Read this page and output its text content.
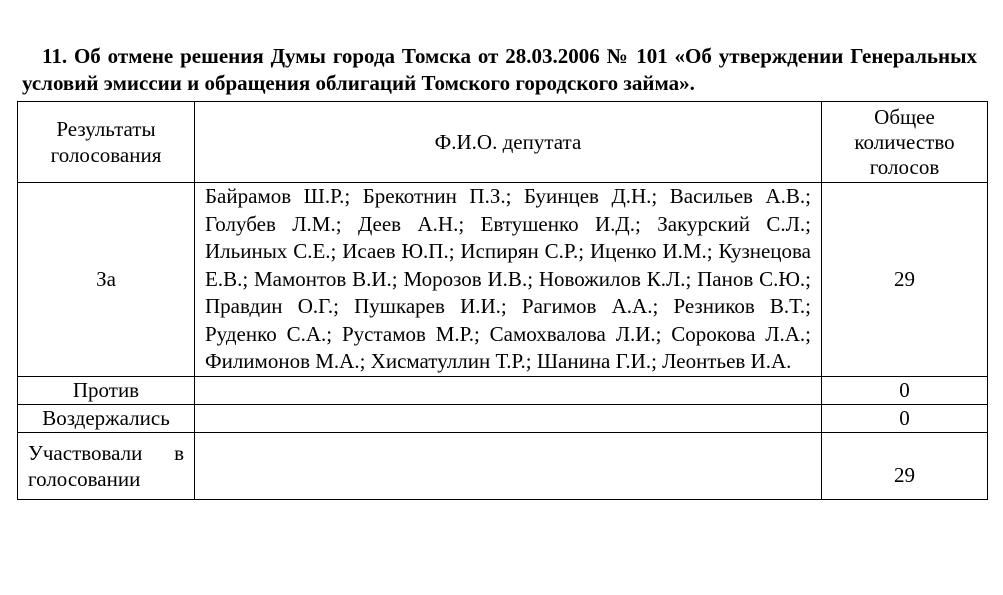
11. Об отмене решения Думы города Томска от 28.03.2006 № 101 «Об утверждении Генеральных условий эмиссии и обращения облигаций Томского городского займа».
Результаты голосования	Ф.И.О. депутата	Общее количество голосов
За	Байрамов Ш.Р.; Брекотнин П.З.; Буинцев Д.Н.; Васильев А.В.; Голубев Л.М.; Деев А.Н.; Евтушенко И.Д.; Закурский С.Л.; Ильиных С.Е.; Исаев Ю.П.; Испирян С.Р.; Иценко И.М.; Кузнецова Е.В.; Мамонтов В.И.; Морозов И.В.; Новожилов К.Л.; Панов С.Ю.; Правдин О.Г.; Пушкарев И.И.; Рагимов А.А.; Резников В.Т.; Руденко С.А.; Рустамов М.Р.; Самохвалова Л.И.; Сорокова Л.А.; Филимонов М.А.; Хисматуллин Т.Р.; Шанина Г.И.; Леонтьев И.А.	29
Против		0
Воздержались		0
Участвовали в голосовании		29
